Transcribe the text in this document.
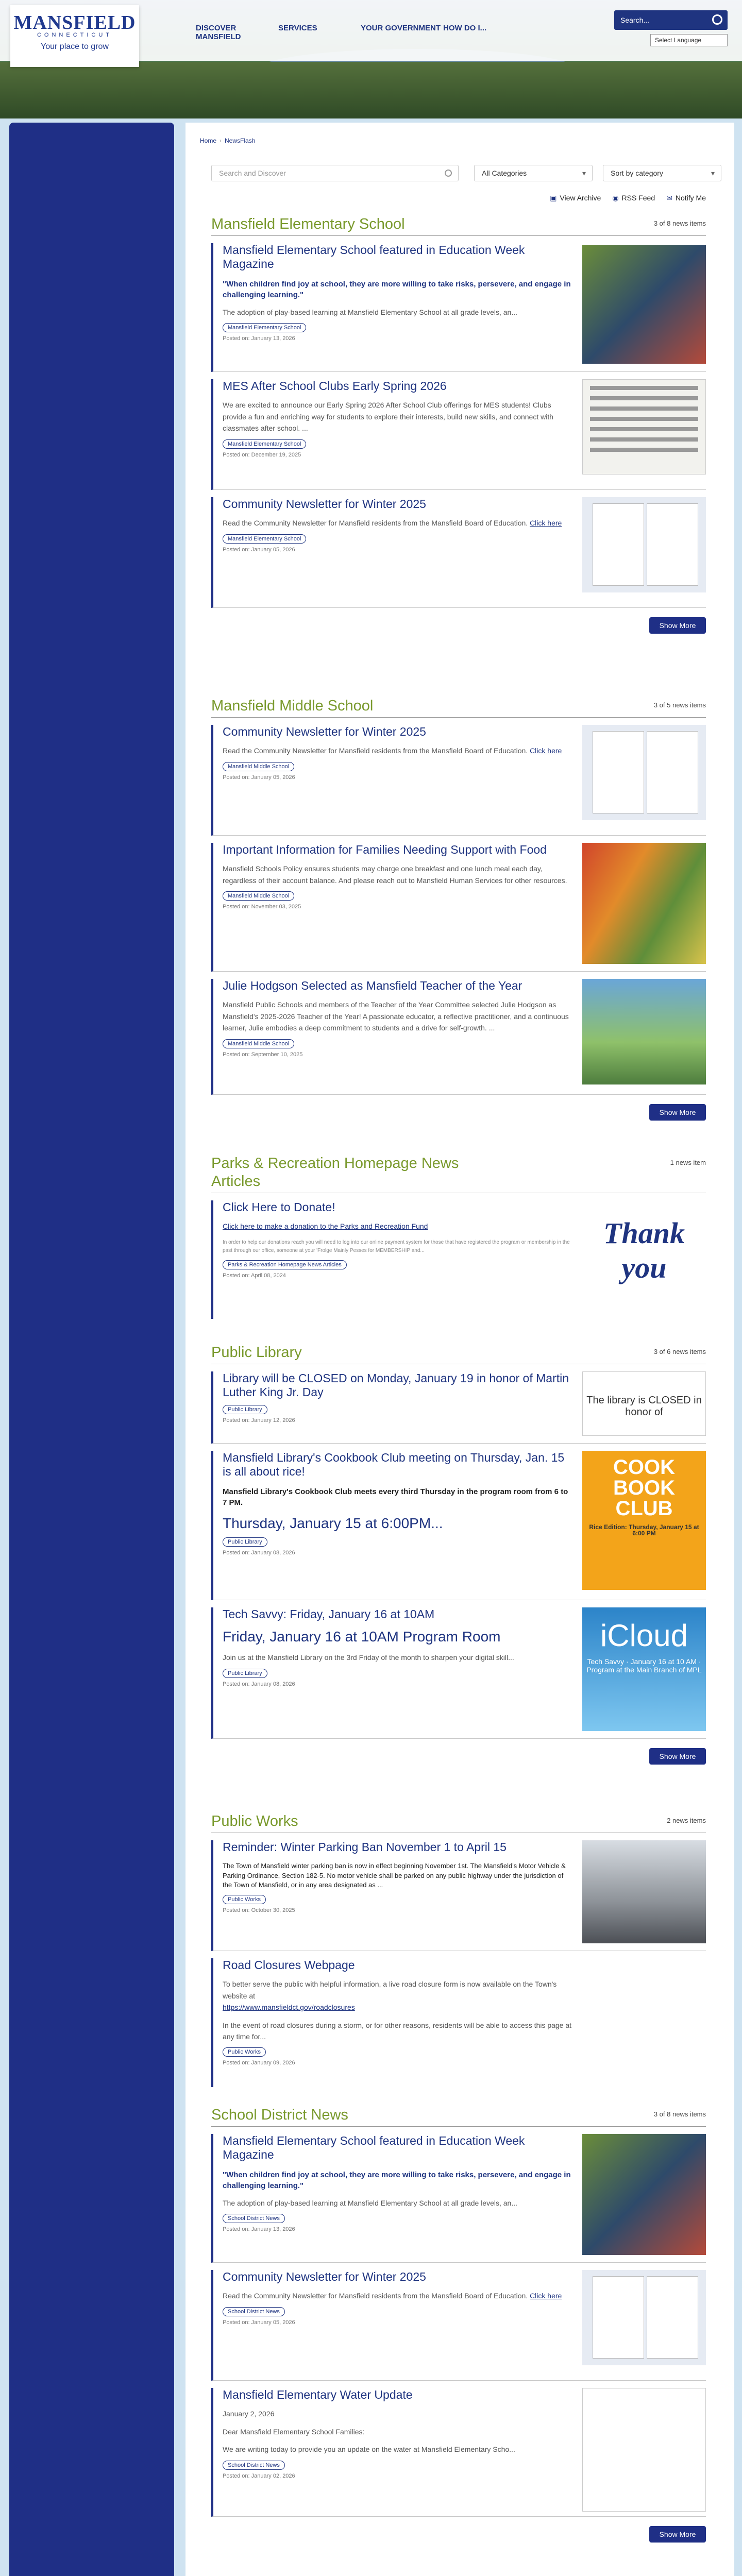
MANSFIELD
CONNECTICUT
Your place to grow
DISCOVER MANSFIELD
SERVICES	YOUR GOVERNMENT HOW DO I...
Search...
Select Language
Home › NewsFlash
Search and Discover	All Categories ▾	Sort by category ▾
▣ View Archive ◉ RSS Feed ✉ Notify Me
Mansfield Elementary School	3 of 8 news items
Mansfield Elementary School featured in Education Week Magazine
"When children find joy at school, they are more willing to take risks, persevere, and engage in challenging learning."
The adoption of play-based learning at Mansfield Elementary School at all grade levels, an...
Mansfield Elementary School
Posted on: January 13, 2026
MES After School Clubs Early Spring 2026
We are excited to announce our Early Spring 2026 After School Club offerings for MES students! Clubs provide a fun and enriching way for students to explore their interests, build new skills, and connect with classmates after school. ...
Mansfield Elementary School
Posted on: December 19, 2025
Community Newsletter for Winter 2025
Read the Community Newsletter for Mansfield residents from the Mansfield Board of Education. Click here
Mansfield Elementary School
Posted on: January 05, 2026
Show More
Mansfield Middle School	3 of 5 news items
Community Newsletter for Winter 2025
Read the Community Newsletter for Mansfield residents from the Mansfield Board of Education. Click here
Mansfield Middle School
Posted on: January 05, 2026
Important Information for Families Needing Support with Food
Mansfield Schools Policy ensures students may charge one breakfast and one lunch meal each day, regardless of their account balance. And please reach out to Mansfield Human Services for other resources.
Mansfield Middle School
Posted on: November 03, 2025
Julie Hodgson Selected as Mansfield Teacher of the Year
Mansfield Public Schools and members of the Teacher of the Year Committee selected Julie Hodgson as Mansfield's 2025-2026 Teacher of the Year! A passionate educator, a reflective practitioner, and a continuous learner, Julie embodies a deep commitment to students and a drive for self-growth. ...
Mansfield Middle School
Posted on: September 10, 2025
Show More
Parks & Recreation Homepage News Articles
1 news item
Click Here to Donate!
Click here to make a donation to the Parks and Recreation Fund
In order to help our donations reach you will need to log into our online payment system for those that have registered the program or membership in the past through our office, someone at your 'Frolge Mainly Pesses for MEMBERSHIP and...
Parks & Recreation Homepage News Articles
Posted on: April 08, 2024
Thank you
Public Library	3 of 6 news items
Library will be CLOSED on Monday, January 19 in honor of Martin Luther King Jr. Day
Public Library
Posted on: January 12, 2026
The library is CLOSED in honor of
Mansfield Library's Cookbook Club meeting on Thursday, Jan. 15 is all about rice!
Mansfield Library's Cookbook Club meets every third Thursday in the program room from 6 to 7 PM.
Thursday, January 15 at 6:00PM...
Public Library
Posted on: January 08, 2026
COOK BOOK CLUB
Rice Edition: Thursday, January 15 at 6:00 PM
Tech Savvy: Friday, January 16 at 10AM
Friday, January 16 at 10AM Program Room
Join us at the Mansfield Library on the 3rd Friday of the month to sharpen your digital skill...
Public Library
Posted on: January 08, 2026
iCloud
Tech Savvy · January 16 at 10 AM · Program at the Main Branch of MPL
Show More
Public Works	2 news items
Reminder: Winter Parking Ban November 1 to April 15
The Town of Mansfield winter parking ban is now in effect beginning November 1st. The Mansfield's Motor Vehicle & Parking Ordinance, Section 182-5. No motor vehicle shall be parked on any public highway under the jurisdiction of the Town of Mansfield, or in any area designated as ...
Public Works
Posted on: October 30, 2025
Road Closures Webpage
To better serve the public with helpful information, a live road closure form is now available on the Town's website at
https://www.mansfieldct.gov/roadclosures
In the event of road closures during a storm, or for other reasons, residents will be able to access this page at any time for...
Public Works
Posted on: January 09, 2026
School District News	3 of 8 news items
Mansfield Elementary School featured in Education Week Magazine
"When children find joy at school, they are more willing to take risks, persevere, and engage in challenging learning."
The adoption of play-based learning at Mansfield Elementary School at all grade levels, an...
School District News
Posted on: January 13, 2026
Community Newsletter for Winter 2025
Read the Community Newsletter for Mansfield residents from the Mansfield Board of Education. Click here
School District News
Posted on: January 05, 2026
Mansfield Elementary Water Update
January 2, 2026
Dear Mansfield Elementary School Families:
We are writing today to provide you an update on the water at Mansfield Elementary Scho...
School District News
Posted on: January 02, 2026
Show More
